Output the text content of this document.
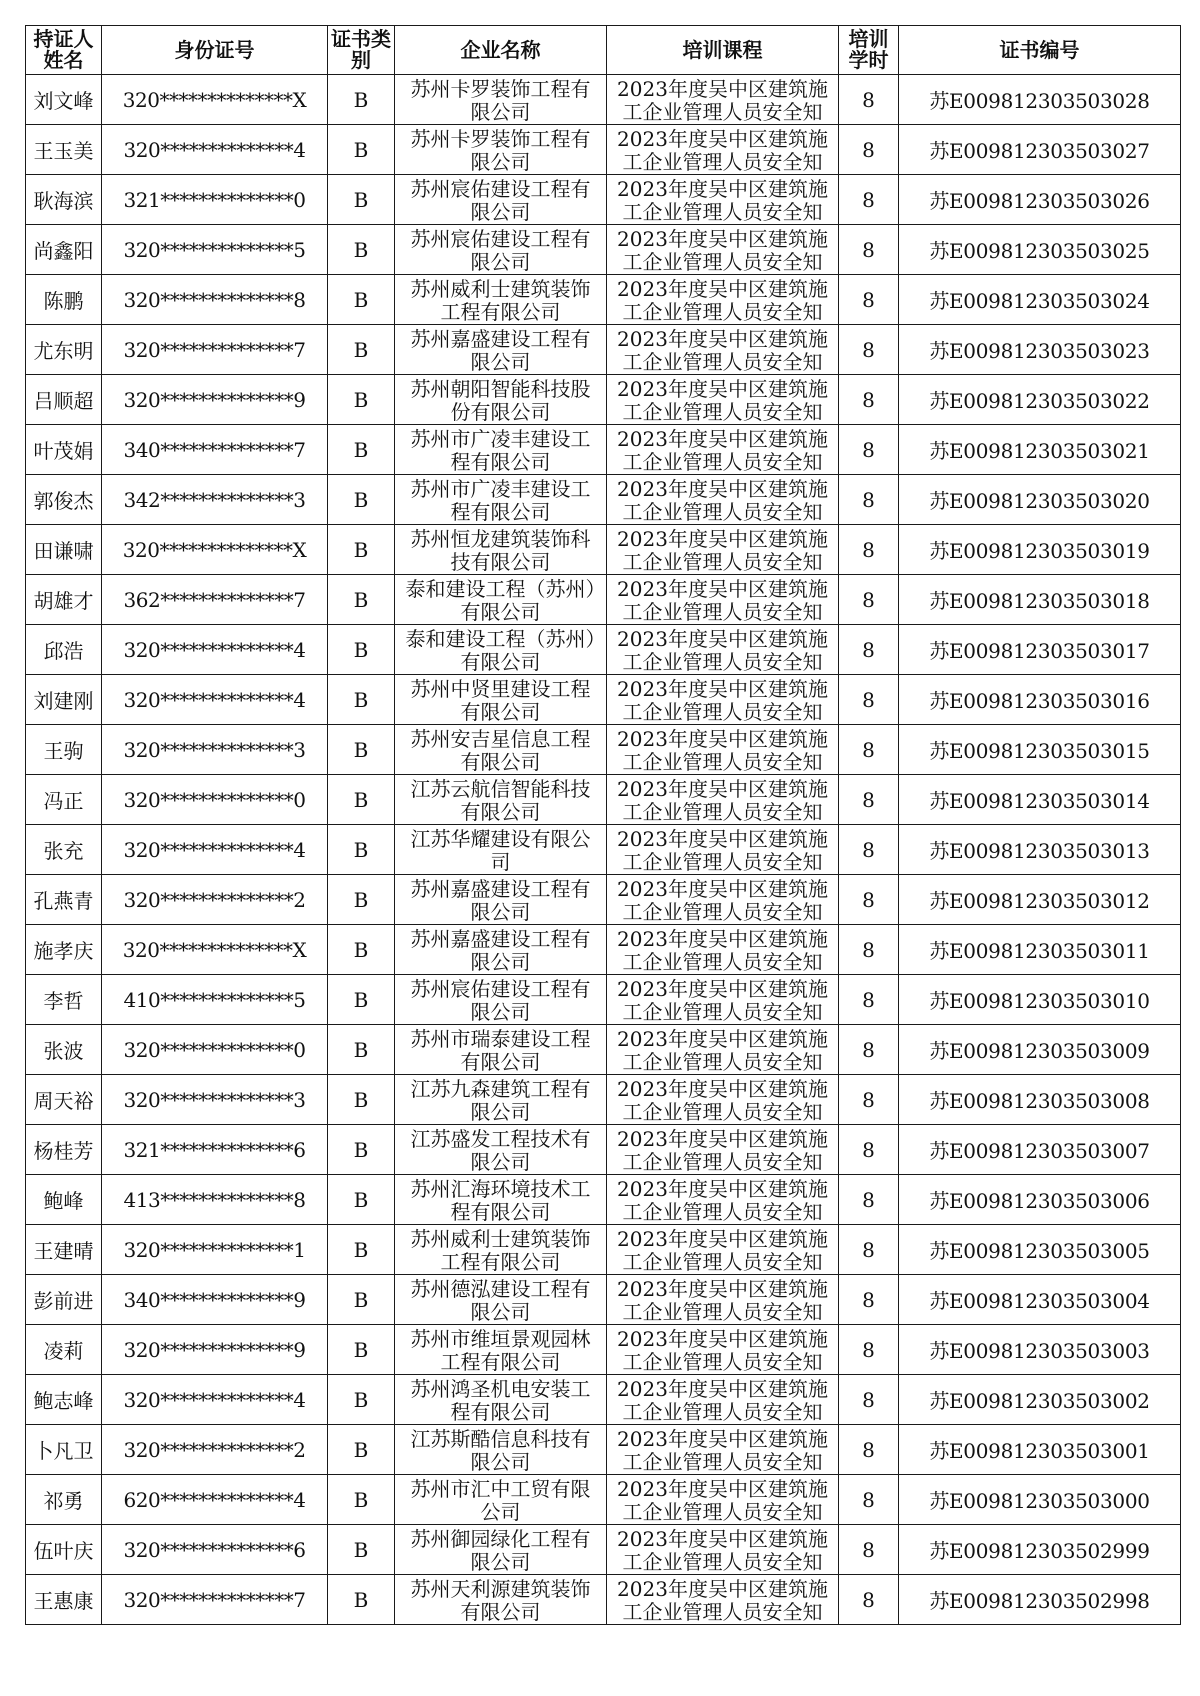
持证人姓名	身份证号	证书类别	企业名称	培训课程	培训学时	证书编号
刘文峰	320**************X	B	苏州卡罗装饰工程有限公司	2023年度吴中区建筑施工企业管理人员安全知	8	苏E009812303503028
王玉美	320**************4	B	苏州卡罗装饰工程有限公司	2023年度吴中区建筑施工企业管理人员安全知	8	苏E009812303503027
耿海滨	321**************0	B	苏州宸佑建设工程有限公司	2023年度吴中区建筑施工企业管理人员安全知	8	苏E009812303503026
尚鑫阳	320**************5	B	苏州宸佑建设工程有限公司	2023年度吴中区建筑施工企业管理人员安全知	8	苏E009812303503025
陈鹏	320**************8	B	苏州威利士建筑装饰工程有限公司	2023年度吴中区建筑施工企业管理人员安全知	8	苏E009812303503024
尤东明	320**************7	B	苏州嘉盛建设工程有限公司	2023年度吴中区建筑施工企业管理人员安全知	8	苏E009812303503023
吕顺超	320**************9	B	苏州朝阳智能科技股份有限公司	2023年度吴中区建筑施工企业管理人员安全知	8	苏E009812303503022
叶茂娟	340**************7	B	苏州市广凌丰建设工程有限公司	2023年度吴中区建筑施工企业管理人员安全知	8	苏E009812303503021
郭俊杰	342**************3	B	苏州市广凌丰建设工程有限公司	2023年度吴中区建筑施工企业管理人员安全知	8	苏E009812303503020
田谦啸	320**************X	B	苏州恒龙建筑装饰科技有限公司	2023年度吴中区建筑施工企业管理人员安全知	8	苏E009812303503019
胡雄才	362**************7	B	泰和建设工程（苏州）有限公司	2023年度吴中区建筑施工企业管理人员安全知	8	苏E009812303503018
邱浩	320**************4	B	泰和建设工程（苏州）有限公司	2023年度吴中区建筑施工企业管理人员安全知	8	苏E009812303503017
刘建刚	320**************4	B	苏州中贤里建设工程有限公司	2023年度吴中区建筑施工企业管理人员安全知	8	苏E009812303503016
王驹	320**************3	B	苏州安吉星信息工程有限公司	2023年度吴中区建筑施工企业管理人员安全知	8	苏E009812303503015
冯正	320**************0	B	江苏云航信智能科技有限公司	2023年度吴中区建筑施工企业管理人员安全知	8	苏E009812303503014
张充	320**************4	B	江苏华耀建设有限公司	2023年度吴中区建筑施工企业管理人员安全知	8	苏E009812303503013
孔燕青	320**************2	B	苏州嘉盛建设工程有限公司	2023年度吴中区建筑施工企业管理人员安全知	8	苏E009812303503012
施孝庆	320**************X	B	苏州嘉盛建设工程有限公司	2023年度吴中区建筑施工企业管理人员安全知	8	苏E009812303503011
李哲	410**************5	B	苏州宸佑建设工程有限公司	2023年度吴中区建筑施工企业管理人员安全知	8	苏E009812303503010
张波	320**************0	B	苏州市瑞泰建设工程有限公司	2023年度吴中区建筑施工企业管理人员安全知	8	苏E009812303503009
周天裕	320**************3	B	江苏九森建筑工程有限公司	2023年度吴中区建筑施工企业管理人员安全知	8	苏E009812303503008
杨桂芳	321**************6	B	江苏盛发工程技术有限公司	2023年度吴中区建筑施工企业管理人员安全知	8	苏E009812303503007
鲍峰	413**************8	B	苏州汇海环境技术工程有限公司	2023年度吴中区建筑施工企业管理人员安全知	8	苏E009812303503006
王建晴	320**************1	B	苏州威利士建筑装饰工程有限公司	2023年度吴中区建筑施工企业管理人员安全知	8	苏E009812303503005
彭前进	340**************9	B	苏州德泓建设工程有限公司	2023年度吴中区建筑施工企业管理人员安全知	8	苏E009812303503004
凌莉	320**************9	B	苏州市维垣景观园林工程有限公司	2023年度吴中区建筑施工企业管理人员安全知	8	苏E009812303503003
鲍志峰	320**************4	B	苏州鸿圣机电安装工程有限公司	2023年度吴中区建筑施工企业管理人员安全知	8	苏E009812303503002
卜凡卫	320**************2	B	江苏斯酷信息科技有限公司	2023年度吴中区建筑施工企业管理人员安全知	8	苏E009812303503001
祁勇	620**************4	B	苏州市汇中工贸有限公司	2023年度吴中区建筑施工企业管理人员安全知	8	苏E009812303503000
伍叶庆	320**************6	B	苏州御园绿化工程有限公司	2023年度吴中区建筑施工企业管理人员安全知	8	苏E009812303502999
王惠康	320**************7	B	苏州天利源建筑装饰有限公司	2023年度吴中区建筑施工企业管理人员安全知	8	苏E009812303502998
